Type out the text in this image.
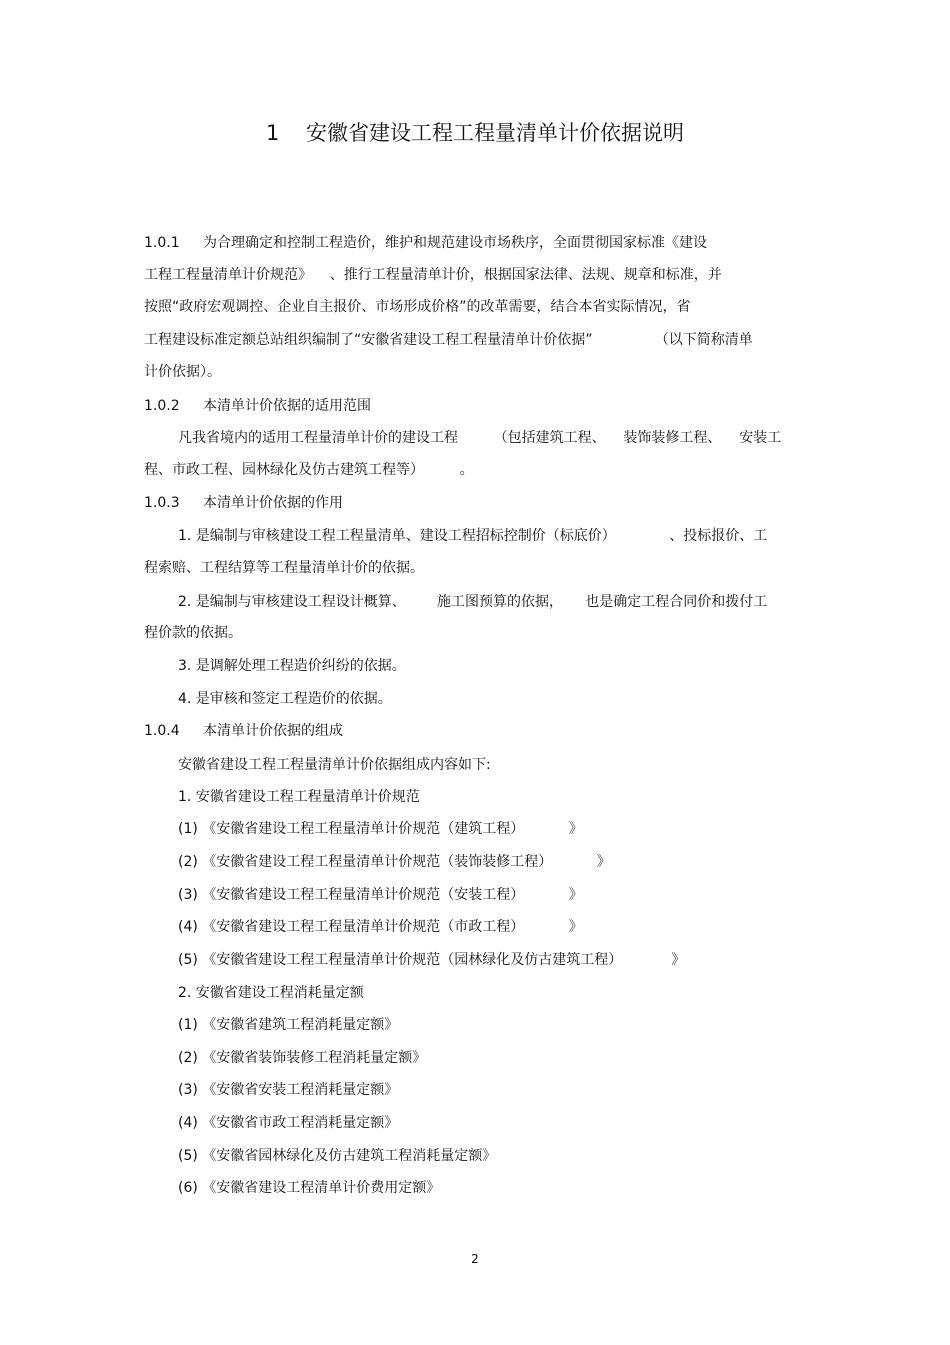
1    安徽省建设工程工程量清单计价依据说明
1.0.1 为合理确定和控制工程造价，维护和规范建设市场秩序，全面贯彻国家标准《建设
工程工程量清单计价规范》    、推行工程量清单计价，根据国家法律、法规、规章和标准，并
按照“政府宏观调控、企业自主报价、市场形成价格”的改革需要，结合本省实际情况，省
工程建设标准定额总站组织编制了“安徽省建设工程工程量清单计价依据”              （以下简称清单
计价依据）。
1.0.2 本清单计价依据的适用范围
凡我省境内的适用工程量清单计价的建设工程        （包括建筑工程、    装饰装修工程、    安装工
程、市政工程、园林绿化及仿古建筑工程等）        。
1.0.3 本清单计价依据的作用
1. 是编制与审核建设工程工程量清单、建设工程招标控制价（标底价）            、投标报价、工
程索赔、工程结算等工程量清单计价的依据。
2. 是编制与审核建设工程设计概算、       施工图预算的依据，     也是确定工程合同价和拨付工
程价款的依据。
3. 是调解处理工程造价纠纷的依据。
4. 是审核和签定工程造价的依据。
1.0.4 本清单计价依据的组成
安徽省建设工程工程量清单计价依据组成内容如下:
1. 安徽省建设工程工程量清单计价规范
(1) 《安徽省建设工程工程量清单计价规范（建筑工程）          》
(2) 《安徽省建设工程工程量清单计价规范（装饰装修工程）          》
(3) 《安徽省建设工程工程量清单计价规范（安装工程）          》
(4) 《安徽省建设工程工程量清单计价规范（市政工程）          》
(5) 《安徽省建设工程工程量清单计价规范（园林绿化及仿古建筑工程）           》
2. 安徽省建设工程消耗量定额
(1) 《安徽省建筑工程消耗量定额》
(2) 《安徽省装饰装修工程消耗量定额》
(3) 《安徽省安装工程消耗量定额》
(4) 《安徽省市政工程消耗量定额》
(5) 《安徽省园林绿化及仿古建筑工程消耗量定额》
(6) 《安徽省建设工程清单计价费用定额》
2
